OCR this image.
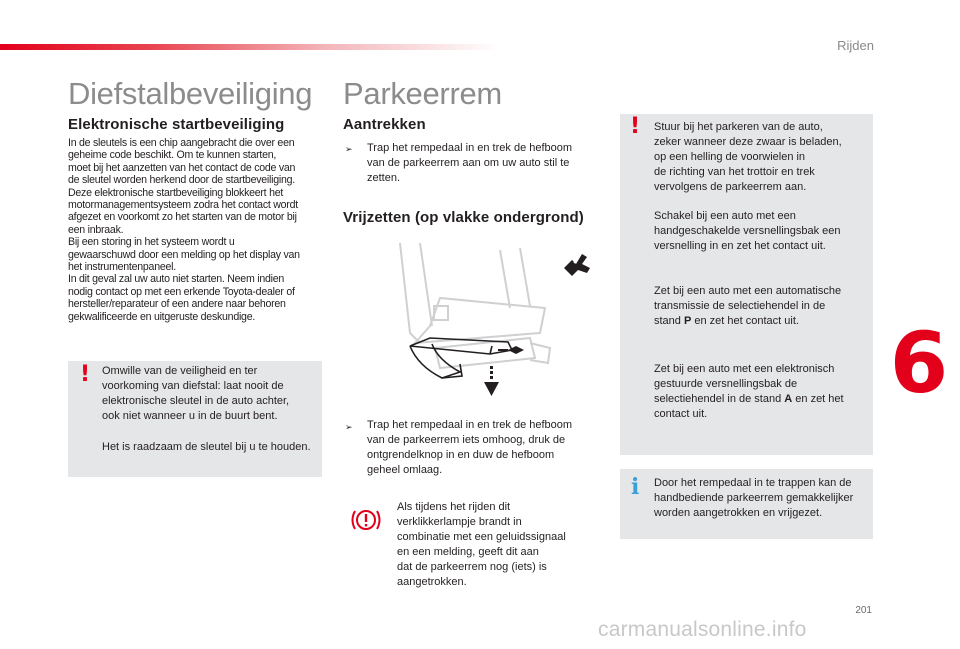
Rijden
Diefstalbeveiliging
Elektronische startbeveiliging

In de sleutels is een chip aangebracht die over een
geheime code beschikt. Om te kunnen starten,
moet bij het aanzetten van het contact de code van
de sleutel worden herkend door de startbeveiliging.
Deze elektronische startbeveiliging blokkeert het
motormanagementsysteem zodra het contact wordt
afgezet en voorkomt zo het starten van de motor bij
een inbraak.
Bij een storing in het systeem wordt u
gewaarschuwd door een melding op het display van
het instrumentenpaneel.
In dit geval zal uw auto niet starten. Neem indien
nodig contact op met een erkende Toyota-dealer of
hersteller/reparateur of een andere naar behoren
gekwalificeerde en uitgeruste deskundige.

! Omwille van de veiligheid en ter
voorkoming van diefstal: laat nooit de
elektronische sleutel in de auto achter,
ook niet wanneer u in de buurt bent.
Het is raadzaam de sleutel bij u te houden.
Parkeerrem
Aantrekken
➢ Trap het rempedaal in en trek de hefboom
van de parkeerrem aan om uw auto stil te
zetten.
Vrijzetten (op vlakke ondergrond)
➢ Trap het rempedaal in en trek de hefboom
van de parkeerrem iets omhoog, druk de
ontgrendelknop in en duw de hefboom
geheel omlaag.
Als tijdens het rijden dit
verklikkerlampje brandt in
combinatie met een geluidssignaal
en een melding, geeft dit aan
dat de parkeerrem nog (iets) is
aangetrokken.
! Stuur bij het parkeren van de auto,
zeker wanneer deze zwaar is beladen,
op een helling de voorwielen in
de richting van het trottoir en trek
vervolgens de parkeerrem aan.
Schakel bij een auto met een
handgeschakelde versnellingsbak een
versnelling in en zet het contact uit.
Zet bij een auto met een automatische
transmissie de selectiehendel in de
stand P en zet het contact uit.
Zet bij een auto met een elektronisch
gestuurde versnellingsbak de
selectiehendel in de stand A en zet het
contact uit.
i Door het rempedaal in te trappen kan de
handbediende parkeerrem gemakkelijker
worden aangetrokken en vrijgezet.

6
201
carmanualsonline.info
